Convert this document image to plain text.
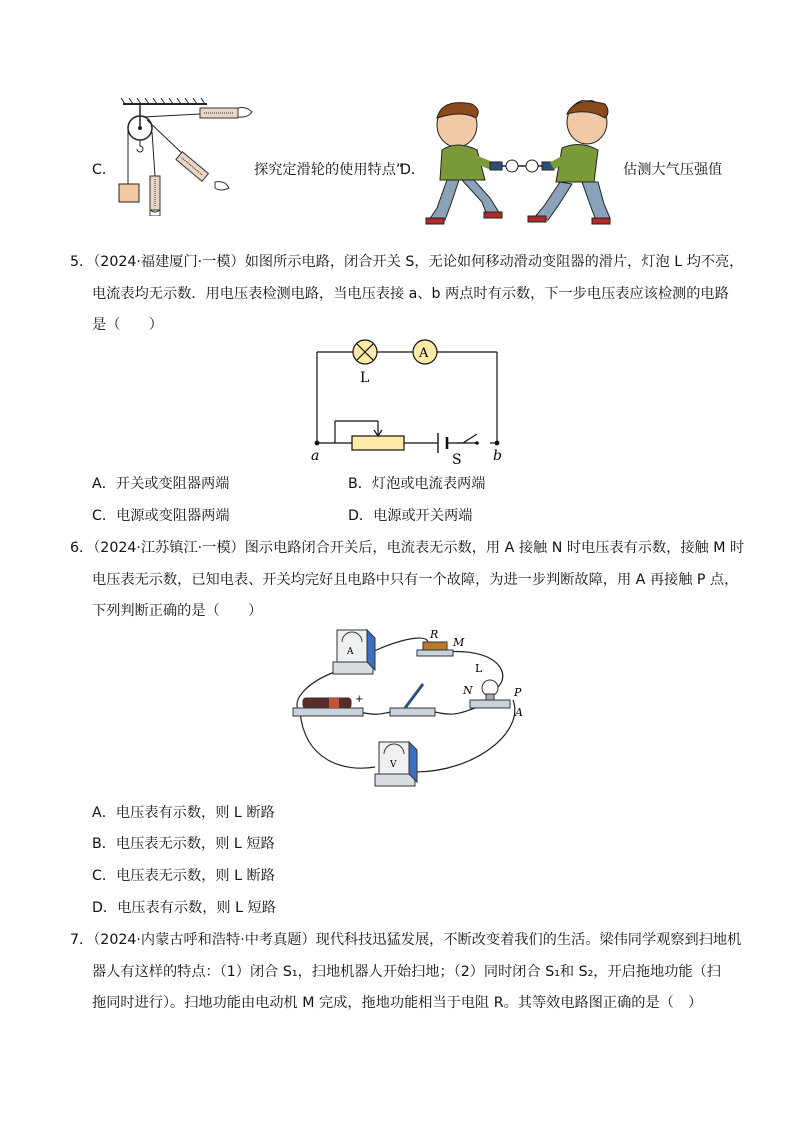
C．	探究定滑轮的使用特点”
D．	估测大气压强值
5．（2024·福建厦门·一模）如图所示电路，闭合开关 S，无论如何移动滑动变阻器的滑片，灯泡 L 均不亮，
电流表均无示数．用电压表检测电路，当电压表接 a、b 两点时有示数，下一步电压表应该检测的电路
是（　　）
L
A
S
a	b
A．开关或变阻器两端	B．灯泡或电流表两端
C．电源或变阻器两端	D．电源或开关两端
6．（2024·江苏镇江·一模）图示电路闭合开关后，电流表无示数，用 A 接触 N 时电压表有示数，接触 M 时
电压表无示数，已知电表、开关均完好且电路中只有一个故障，为进一步判断故障，用 A 再接触 P 点，
下列判断正确的是（　　）
A
R
M
+
L
N	P
A
V
A．电压表有示数，则 L 断路
B．电压表无示数，则 L 短路
C．电压表无示数，则 L 断路
D．电压表有示数，则 L 短路
7．（2024·内蒙古呼和浩特·中考真题）现代科技迅猛发展，不断改变着我们的生活。梁伟同学观察到扫地机
器人有这样的特点：（1）闭合 S₁，扫地机器人开始扫地；（2）同时闭合 S₁和 S₂，开启拖地功能（扫
拖同时进行）。扫地功能由电动机 M 完成，拖地功能相当于电阻 R。其等效电路图正确的是（　）
